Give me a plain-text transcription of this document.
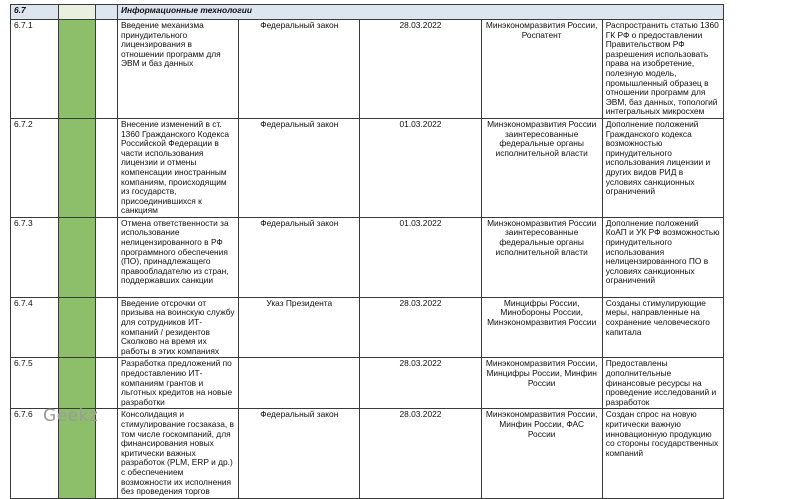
6.7			Информационные технологии				
6.7.1			Введение механизма принудительного лицензирования в отношении программ для ЭВМ и баз данных	Федеральный закон	28.03.2022	Минэкономразвития России, Роспатент	Распространить статью 1360 ГК РФ о предоставлении Правительством РФ разрешения использовать права на изобретение, полезную модель, промышленный образец в отношении программ для ЭВМ, баз данных, топологий интегральных микросхем
6.7.2			Внесение изменений в ст. 1360 Гражданского Кодекса Российской Федерации в части использования лицензии и отмены компенсации иностранным компаниям, происходящим из государств, присоединившихся к санкциям	Федеральный закон	01.03.2022	Минэкономразвития России заинтересованные федеральные органы исполнительной власти	Дополнение положений Гражданского кодекса возможностью принудительного использования лицензии и других видов РИД в условиях санкционных ограничений
6.7.3			Отмена ответственности за использование нелицензированного в РФ программного обеспечения (ПО), принадлежащего правообладателю из стран, поддержавших санкции	Федеральный закон	01.03.2022	Минэкономразвития России заинтересованные федеральные органы исполнительной власти	Дополнение положений КоАП и УК РФ возможностью принудительного использования нелицензированного ПО в условиях санкционных ограничений
6.7.4			Введение отсрочки от призыва на воинскую службу для сотрудников ИТ-компаний / резидентов Сколково на время их работы в этих компаниях	Указ Президента	28.03.2022	Минцифры России, Минобороны России, Минэкономразвития России	Созданы стимулирующие меры, направленные на сохранение человеческого капитала
6.7.5			Разработка предложений по предоставлению ИТ-компаниям грантов и льготных кредитов на новые разработки		28.03.2022	Минэкономразвития России, Минцифры России, Минфин России	Предоставлены дополнительные финансовые ресурсы на проведение исследований и разработок
6.7.6			Консолидация и стимулирование госзаказа, в том числе госкомпаний, для финансирования новых критически важных разработок (PLM, ERP и др.) с обеспечением возможности их исполнения без проведения торгов	Федеральный закон	28.03.2022	Минэкономразвития России, Минфин России, ФАС России	Создан спрос на новую критически важную инновационную продукцию со стороны государственных компаний
Geekz
